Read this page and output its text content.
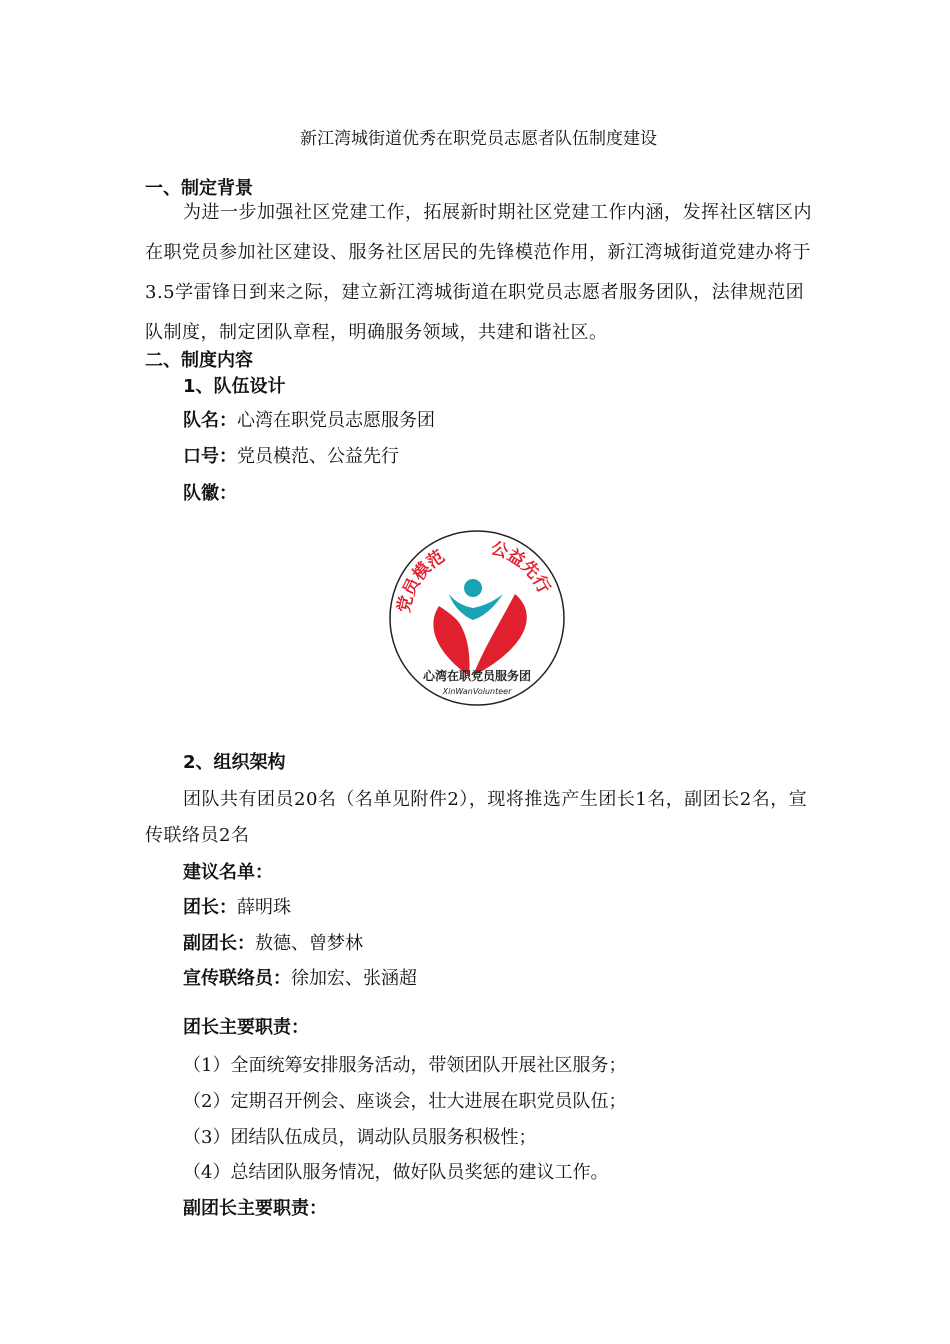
新江湾城街道优秀在职党员志愿者队伍制度建设
一、制定背景
为进一步加强社区党建工作，拓展新时期社区党建工作内涵，发挥社区辖区内在职党员参加社区建设、服务社区居民的先锋模范作用，新江湾城街道党建办将于3.5学雷锋日到来之际，建立新江湾城街道在职党员志愿者服务团队，法律规范团队制度，制定团队章程，明确服务领域，共建和谐社区。
二、制度内容
1、队伍设计
队名：心湾在职党员志愿服务团
口号：党员模范、公益先行
队徽：
党员模范 公益先行
心湾在职党员服务团
XinWanVolunteer
2、组织架构
团队共有团员20名（名单见附件2），现将推选产生团长1名，副团长2名，宣传联络员2名
建议名单：
团长：薛明珠
副团长：敖德、曾梦林
宣传联络员：徐加宏、张涵超
团长主要职责：
（1）全面统筹安排服务活动，带领团队开展社区服务；
（2）定期召开例会、座谈会，壮大进展在职党员队伍；
（3）团结队伍成员，调动队员服务积极性；
（4）总结团队服务情况，做好队员奖惩的建议工作。
副团长主要职责：
